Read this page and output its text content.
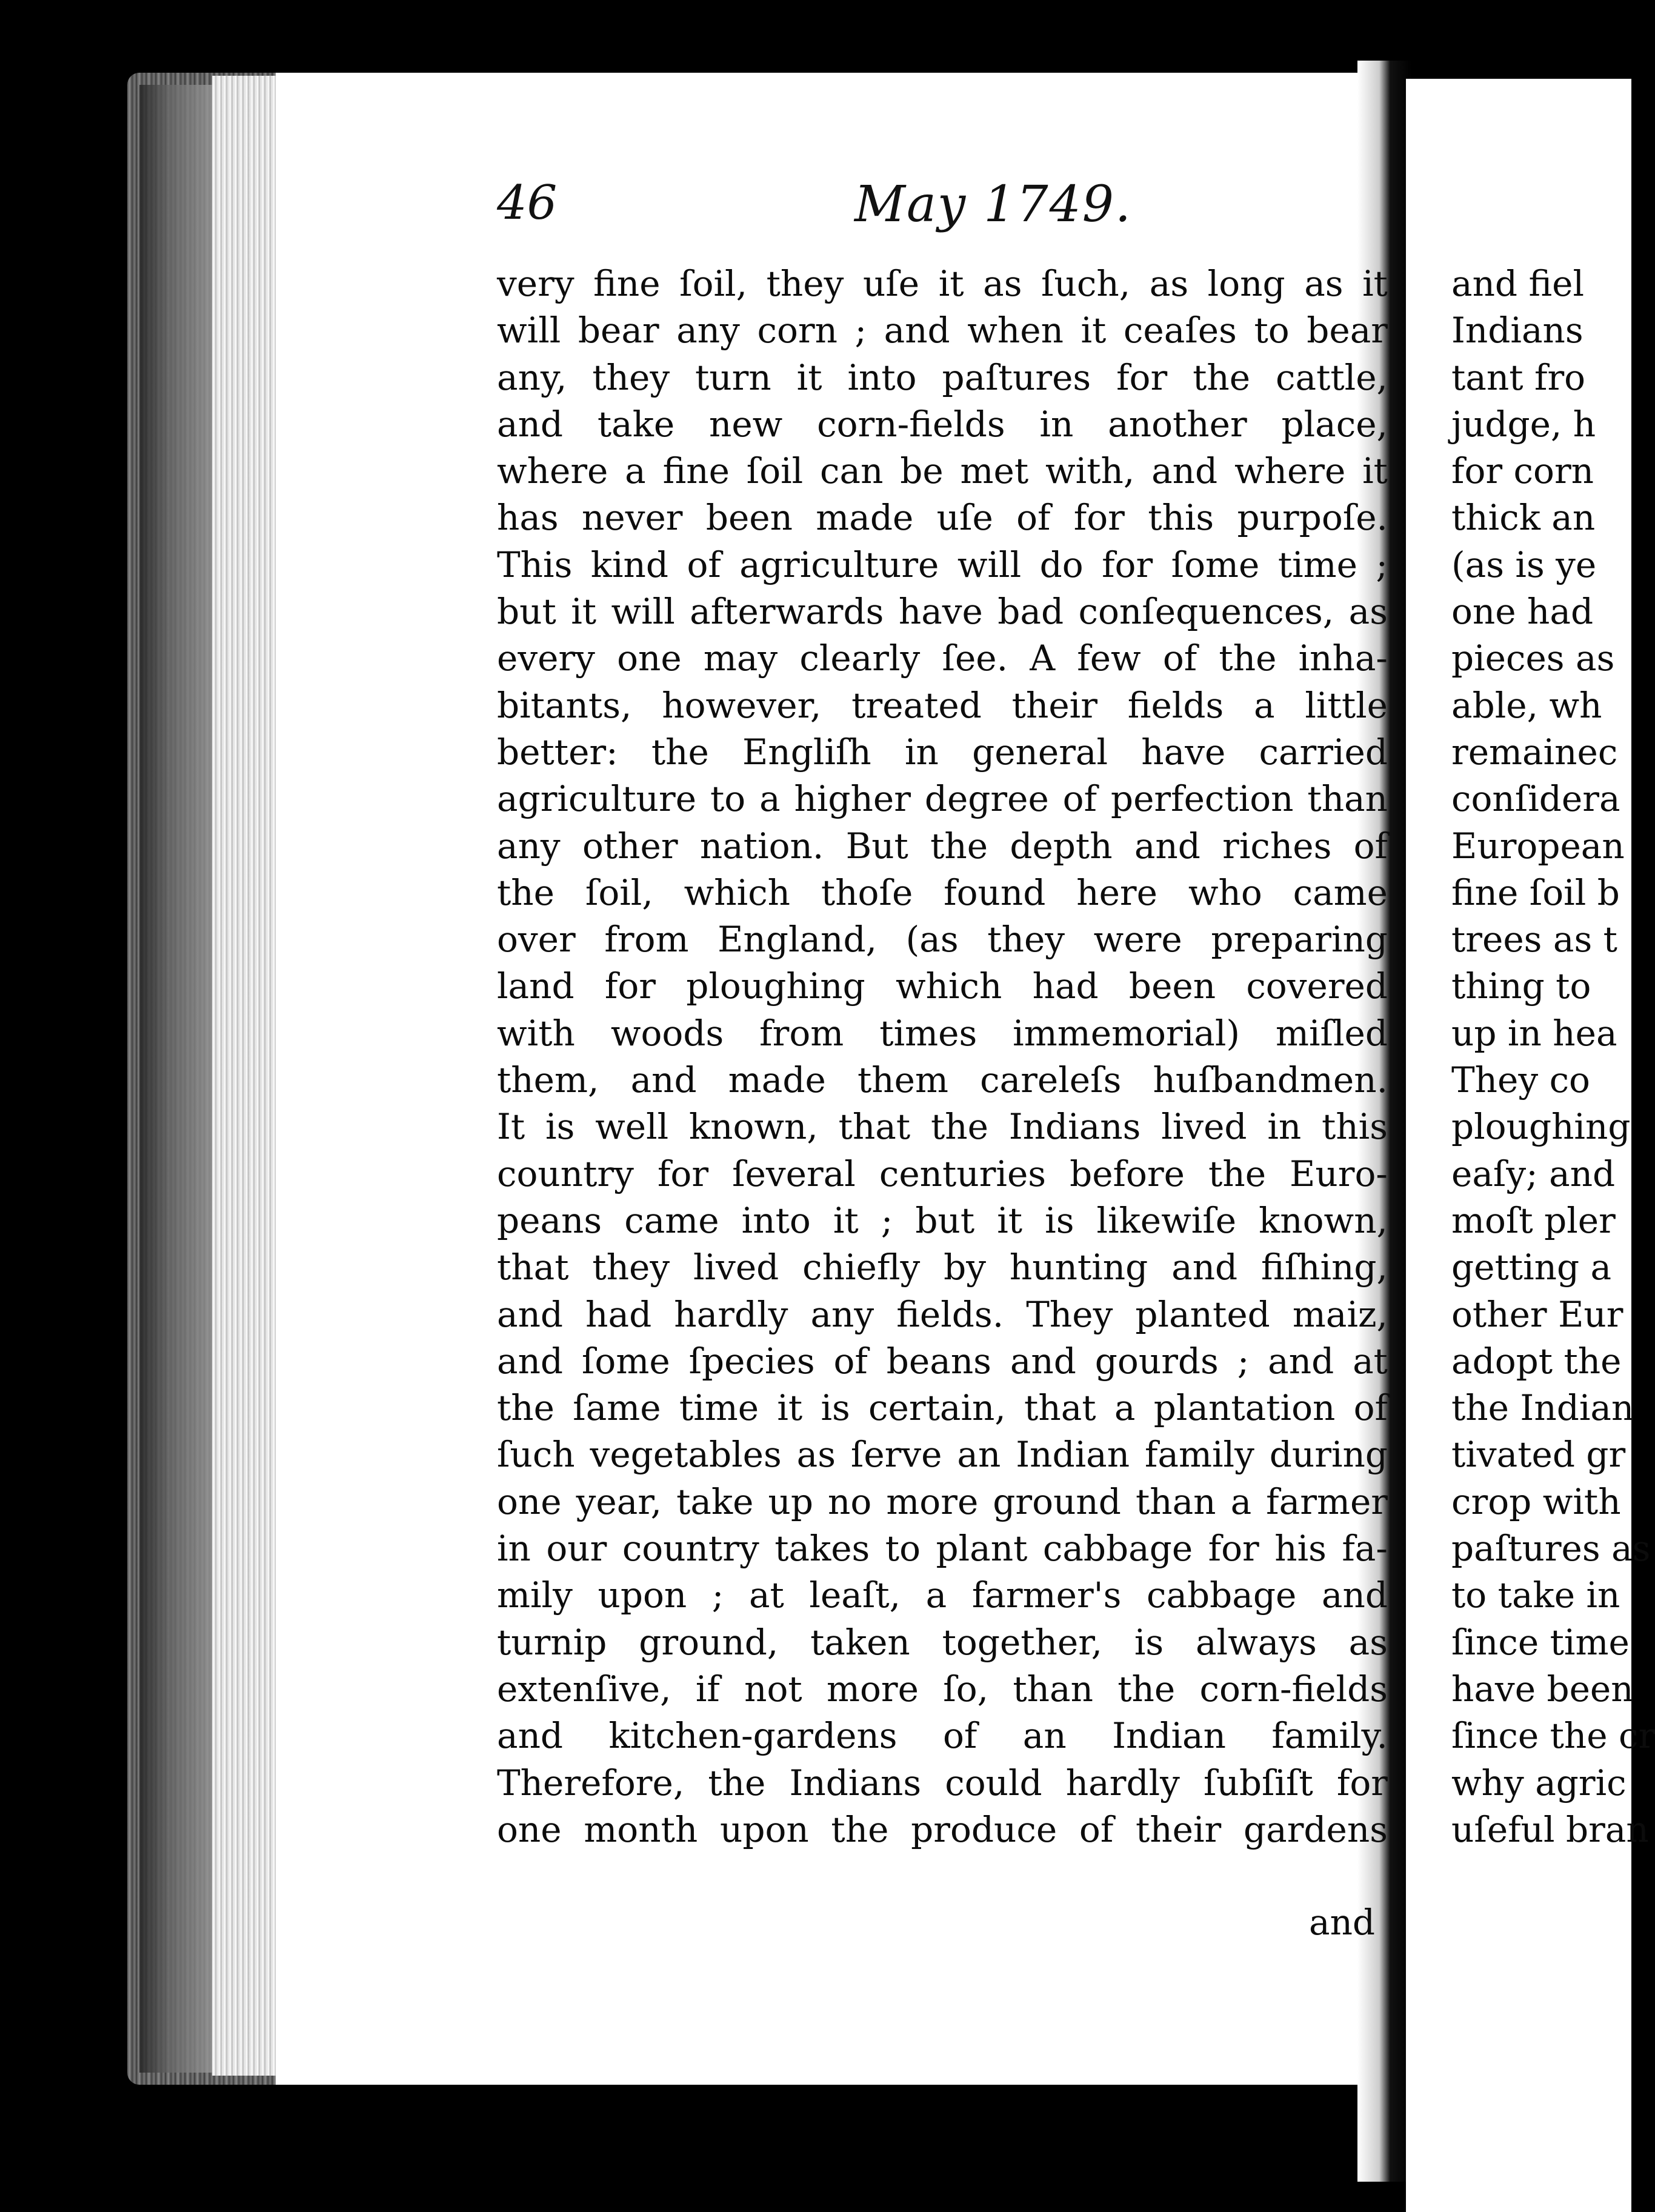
46	May 1749.
very fine ſoil, they uſe it as ſuch, as long as it
will bear any corn ; and when it ceaſes to bear
any, they turn it into paſtures for the cattle,
and take new corn-fields in another place,
where a fine ſoil can be met with, and where it
has never been made uſe of for this purpoſe.
This kind of agriculture will do for ſome time ;
but it will afterwards have bad conſequences, as
every one may clearly ſee. A few of the inha-
bitants, however, treated their fields a little
better: the Engliſh in general have carried
agriculture to a higher degree of perfection than
any other nation. But the depth and riches of
the ſoil, which thoſe found here who came
over from England, (as they were preparing
land for ploughing which had been covered
with woods from times immemorial) miſled
them, and made them careleſs huſbandmen.
It is well known, that the Indians lived in this
country for ſeveral centuries before the Euro-
peans came into it ; but it is likewiſe known,
that they lived chiefly by hunting and fiſhing,
and had hardly any fields. They planted maiz,
and ſome ſpecies of beans and gourds ; and at
the ſame time it is certain, that a plantation of
ſuch vegetables as ſerve an Indian family during
one year, take up no more ground than a farmer
in our country takes to plant cabbage for his fa-
mily upon ; at leaſt, a farmer's cabbage and
turnip ground, taken together, is always as
extenſive, if not more ſo, than the corn-fields
and kitchen-gardens of an Indian family.
Therefore, the Indians could hardly ſubſiſt for
one month upon the produce of their gardens
and
and fiel
Indians
tant fro
judge, h
for corn
thick an
(as is ye
one had
pieces as
able, wh
remainec
conſidera
European
fine ſoil b
trees as t
thing to
up in hea
They co
ploughing
eaſy; and
moſt pler
getting a
other Eur
adopt the
the Indian
tivated gr
crop with
paſtures as
to take in
ſince time
have been
ſince the cr
why agric
uſeful bran
